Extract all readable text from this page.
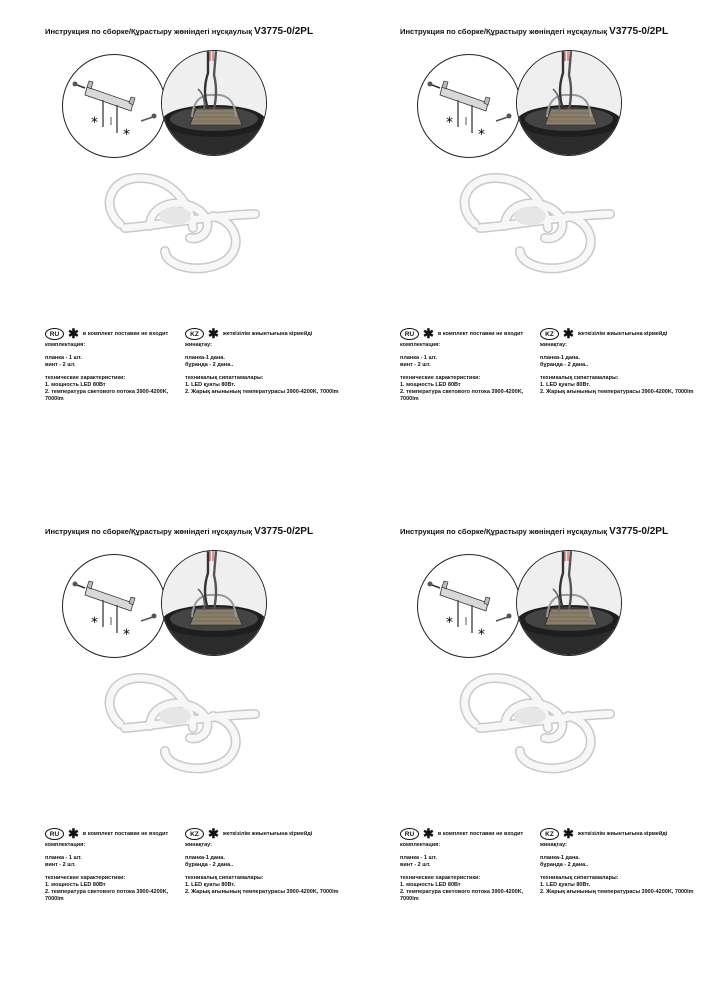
Инструкция по сборке/Құрастыру жөніндегі нұсқаулық V3775-0/2PL
*
*
RU ✱ в комплект поставки не входит
комплектация:
планка - 1 шт.
винт - 2 шт.
технические характеристики:
1. мощность LED 80Вт
2. температура светового потока 3900-4200K, 7000lm
KZ ✱ жеткізілім жиынтығына кірмейді
жинақтау:
планка-1 дана.
бұранда - 2 дана..
техникалық сипаттамалары:
1. LED қуаты 80Вт.
2. Жарық ағынының температурасы 3900-4200K, 7000lm
Инструкция по сборке/Құрастыру жөніндегі нұсқаулық V3775-0/2PL
*
*
RU ✱ в комплект поставки не входит
комплектация:
планка - 1 шт.
винт - 2 шт.
технические характеристики:
1. мощность LED 80Вт
2. температура светового потока 3900-4200K, 7000lm
KZ ✱ жеткізілім жиынтығына кірмейді
жинақтау:
планка-1 дана.
бұранда - 2 дана..
техникалық сипаттамалары:
1. LED қуаты 80Вт.
2. Жарық ағынының температурасы 3900-4200K, 7000lm
Инструкция по сборке/Құрастыру жөніндегі нұсқаулық V3775-0/2PL
*
*
RU ✱ в комплект поставки не входит
комплектация:
планка - 1 шт.
винт - 2 шт.
технические характеристики:
1. мощность LED 80Вт
2. температура светового потока 3900-4200K, 7000lm
KZ ✱ жеткізілім жиынтығына кірмейді
жинақтау:
планка-1 дана.
бұранда - 2 дана..
техникалық сипаттамалары:
1. LED қуаты 80Вт.
2. Жарық ағынының температурасы 3900-4200K, 7000lm
Инструкция по сборке/Құрастыру жөніндегі нұсқаулық V3775-0/2PL
*
*
RU ✱ в комплект поставки не входит
комплектация:
планка - 1 шт.
винт - 2 шт.
технические характеристики:
1. мощность LED 80Вт
2. температура светового потока 3900-4200K, 7000lm
KZ ✱ жеткізілім жиынтығына кірмейді
жинақтау:
планка-1 дана.
бұранда - 2 дана..
техникалық сипаттамалары:
1. LED қуаты 80Вт.
2. Жарық ағынының температурасы 3900-4200K, 7000lm
